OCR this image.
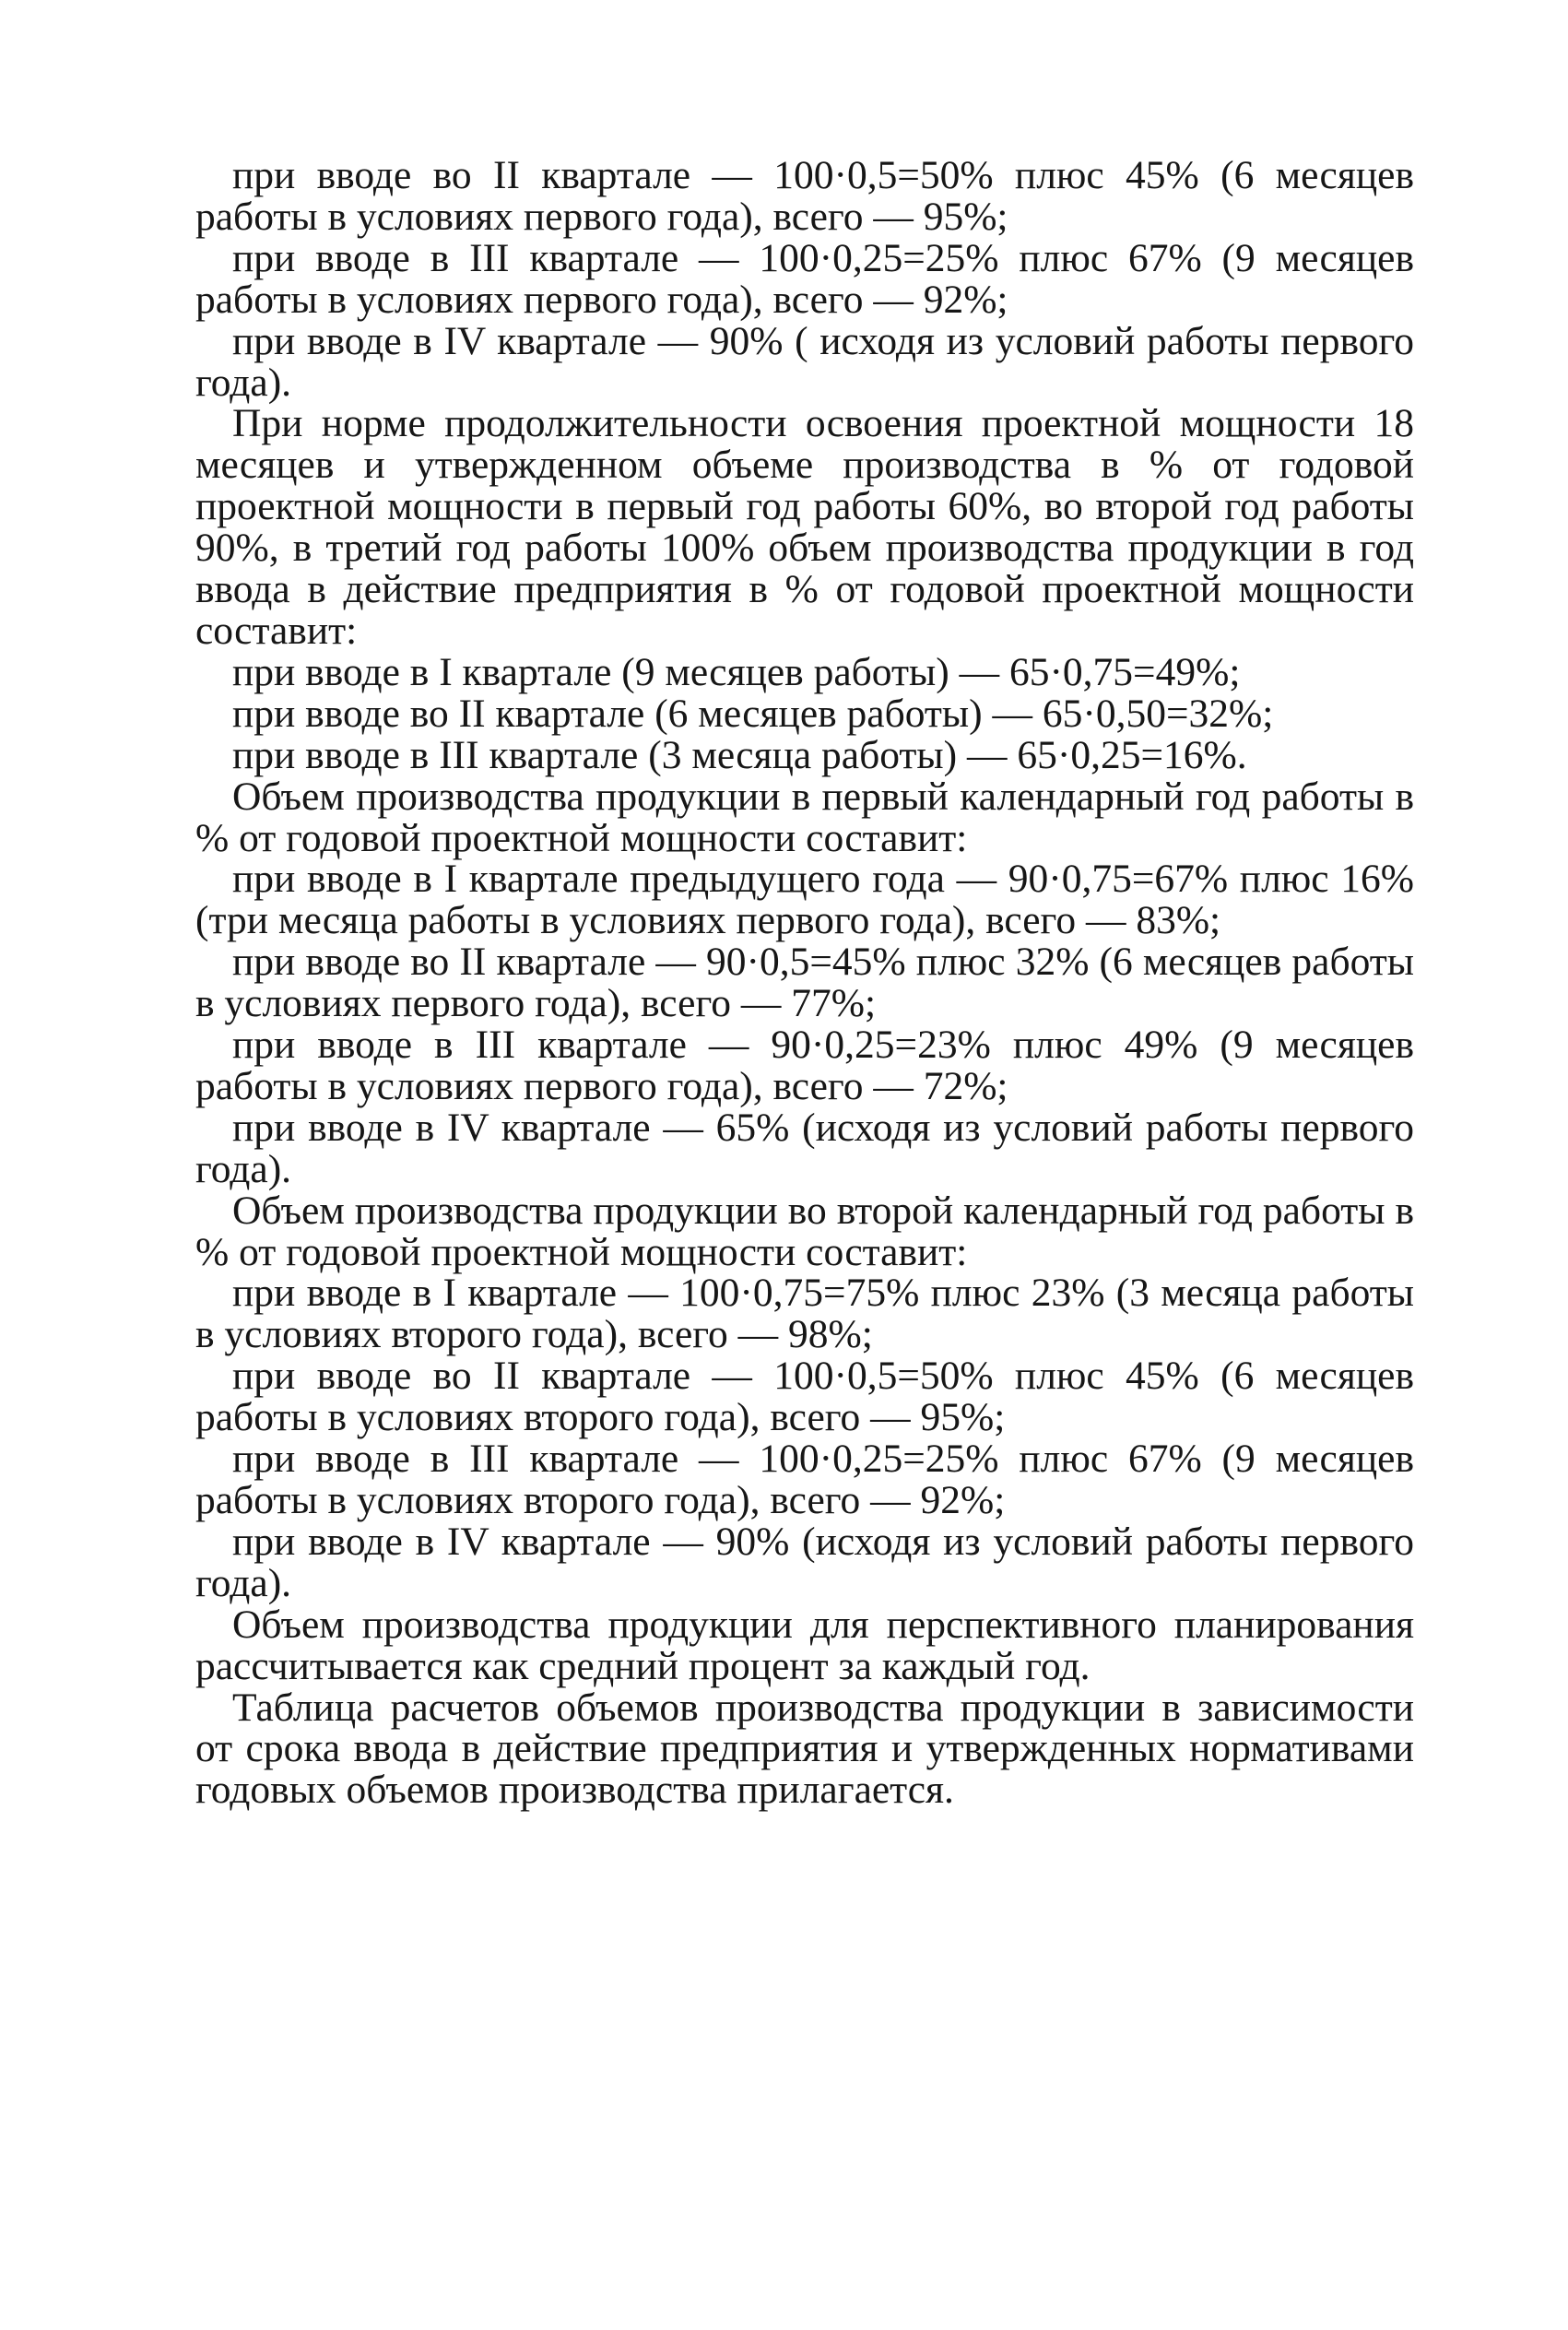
при вводе во II квартале — 100·0,5=50% плюс 45% (6 месяцев работы в условиях первого года), всего — 95%;

при вводе в III квартале — 100·0,25=25% плюс 67% (9 месяцев работы в условиях первого года), всего — 92%;

при вводе в IV квартале — 90% ( исходя из условий работы первого года).

При норме продолжительности освоения проектной мощности 18 месяцев и утвержденном объеме производства в % от годовой проектной мощности в первый год работы 60%, во второй год работы 90%, в третий год работы 100% объем производства продукции в год ввода в действие предприятия в % от годовой проектной мощности составит:

при вводе в I квартале (9 месяцев работы) — 65·0,75=49%;

при вводе во II квартале (6 месяцев работы) — 65·0,50=32%;

при вводе в III квартале (3 месяца работы) — 65·0,25=16%.

Объем производства продукции в первый календарный год работы в % от годовой проектной мощности составит:

при вводе в I квартале предыдущего года — 90·0,75=67% плюс 16% (три месяца работы в условиях первого года), всего — 83%;

при вводе во II квартале — 90·0,5=45% плюс 32% (6 месяцев работы в условиях первого года), всего — 77%;

при вводе в III квартале — 90·0,25=23% плюс 49% (9 месяцев работы в условиях первого года), всего — 72%;

при вводе в IV квартале — 65% (исходя из условий работы первого года).

Объем производства продукции во второй календарный год работы в % от годовой проектной мощности составит:

при вводе в I квартале — 100·0,75=75% плюс 23% (3 месяца работы в условиях второго года), всего — 98%;

при вводе во II квартале — 100·0,5=50% плюс 45% (6 месяцев работы в условиях второго года), всего — 95%;

при вводе в III квартале — 100·0,25=25% плюс 67% (9 месяцев работы в условиях второго года), всего — 92%;

при вводе в IV квартале — 90% (исходя из условий работы первого года).

Объем производства продукции для перспективного планирования рассчитывается как средний процент за каждый год.

Таблица расчетов объемов производства продукции в зависимости от срока ввода в действие предприятия и утвержденных нормативами годовых объемов производства прилагается.
